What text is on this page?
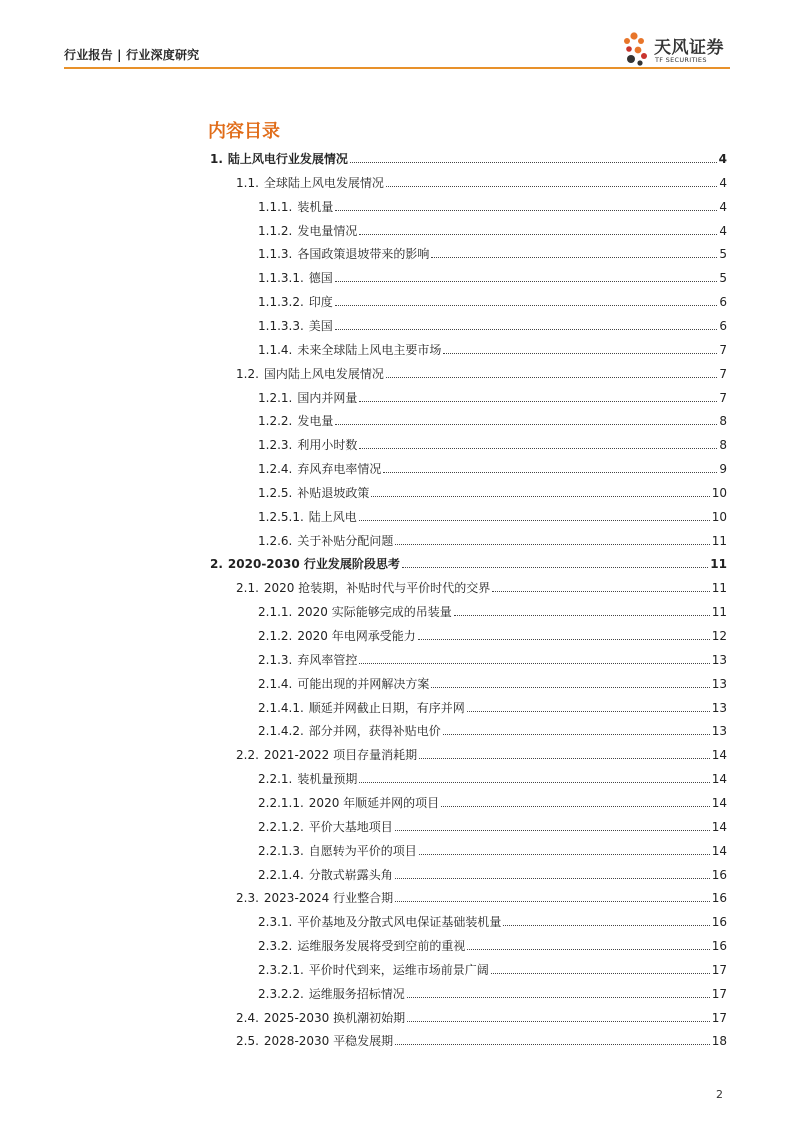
行业报告 | 行业深度研究	天风证券
TF SECURITIES
内容目录
1. 陆上风电行业发展情况	4
1.1. 全球陆上风电发展情况	4
1.1.1. 装机量	4
1.1.2. 发电量情况	4
1.1.3. 各国政策退坡带来的影响	5
1.1.3.1. 德国	5
1.1.3.2. 印度	6
1.1.3.3. 美国	6
1.1.4. 未来全球陆上风电主要市场	7
1.2. 国内陆上风电发展情况	7
1.2.1. 国内并网量	7
1.2.2. 发电量	8
1.2.3. 利用小时数	8
1.2.4. 弃风弃电率情况	9
1.2.5. 补贴退坡政策	10
1.2.5.1. 陆上风电	10
1.2.6. 关于补贴分配问题	11
2. 2020-2030 行业发展阶段思考	11
2.1. 2020 抢装期，补贴时代与平价时代的交界	11
2.1.1. 2020 实际能够完成的吊装量	11
2.1.2. 2020 年电网承受能力	12
2.1.3. 弃风率管控	13
2.1.4. 可能出现的并网解决方案	13
2.1.4.1. 顺延并网截止日期，有序并网	13
2.1.4.2. 部分并网，获得补贴电价	13
2.2. 2021-2022 项目存量消耗期	14
2.2.1. 装机量预期	14
2.2.1.1. 2020 年顺延并网的项目	14
2.2.1.2. 平价大基地项目	14
2.2.1.3. 自愿转为平价的项目	14
2.2.1.4. 分散式崭露头角	16
2.3. 2023-2024 行业整合期	16
2.3.1. 平价基地及分散式风电保证基础装机量	16
2.3.2. 运维服务发展将受到空前的重视	16
2.3.2.1. 平价时代到来，运维市场前景广阔	17
2.3.2.2. 运维服务招标情况	17
2.4. 2025-2030 换机潮初始期	17
2.5. 2028-2030 平稳发展期	18
2
